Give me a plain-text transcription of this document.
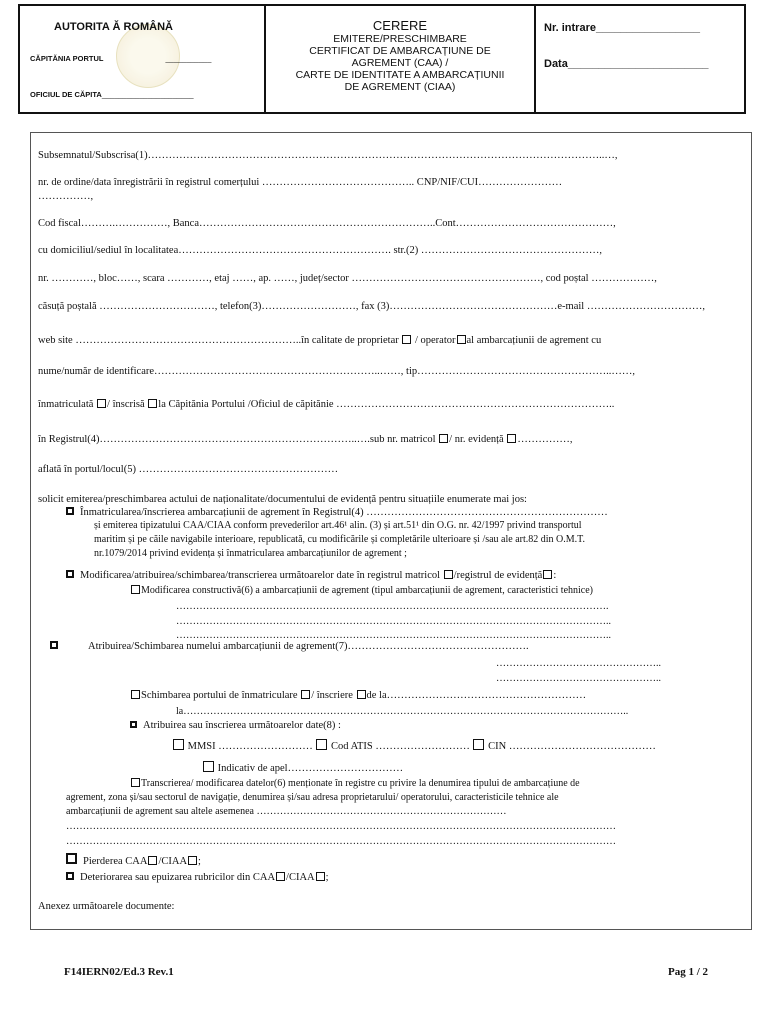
AUTORITA Ă ROMÂNĂ
CĂPITĂNIA PORTUL	___________
OFICIUL DE CĂPITA______________________
CERERE
EMITERE/PRESCHIMBARE
CERTIFICAT DE AMBARCAȚIUNE DE
AGREMENT (CAA) /
CARTE DE IDENTITATE A AMBARCAȚIUNII
DE AGREMENT (CIAA)
Nr. intrare_________________
Data_______________________
Subsemnatul/Subscrisa(1)…………………………………………………………………………………………………………………..…,
nr. de ordine/data înregistrării în registrul comerțului …………………………………….. CNP/NIF/CUI……………………
……………,
Cod fiscal……….……………, Banca…………………………………………………………..Cont………………………………………,
cu domiciliul/sediul în localitatea……………………………………………………. str.(2) ……………………………………………,
nr. …………, bloc……, scara …………, etaj ……, ap. ……, județ/sector ………………………………………………, cod poștal ………………,
căsuță poștală ……………………………, telefon(3)………………………, fax (3)…………………………………………e-mail ……………………………,
web site ………………………………………………………..în calitate de proprietar  / operator al ambarcațiunii de agrement cu
nume/număr de identificare………………………………………………………..……, tip………………………………………………..……,
înmatriculată / înscrisă la Căpitănia Portului /Oficiul de căpitănie ……………………………………………………………………..
în Registrul(4)………………………………………………………………..….sub nr. matricol / nr. evidență ……………,
aflată în portul/locul(5) …………………………………………………
solicit emiterea/preschimbarea actului de naționalitate/documentului de evidență pentru situațiile enumerate mai jos:
Înmatricularea/înscrierea ambarcațiunii de agrement în Registrul(4) ……………………………………………………………
și emiterea tipizatului CAA/CIAA conform prevederilor art.46¹ alin. (3) și art.51¹ din O.G. nr. 42/1997 privind transportul
maritim și pe căile navigabile interioare, republicată, cu modificările și completările ulterioare și /sau ale art.82 din O.M.T.
nr.1079/2014 privind evidența și înmatricularea ambarcațiunilor de agrement ;
Modificarea/atribuirea/schimbarea/transcrierea următoarelor date în registrul matricol /registrul de evidență :
Modificarea constructivă(6) a ambarcațiunii de agrement (tipul ambarcațiunii de agrement, caracteristici tehnice)
………………………………………………………………………………………………………………….
…………………………………………………………………………………………………………………..
…………………………………………………………………………………………………………………..
Atribuirea/Schimbarea numelui ambarcațiunii de agrement(7)…………………………………………….
…………………………………………..
…………………………………………..
Schimbarea portului de înmatriculare / înscriere de la…………………………………………………
la……………………………………………………………………………………………………………………..
Atribuirea sau înscrierea următoarelor date(8) :
MMSI ……………………… Cod ATIS ……………………… CIN ……………………………………
Indicativ de apel……………………………
Transcrierea/ modificarea datelor(6) menționate în registre cu privire la denumirea tipului de ambarcațiune de
agrement, zona și/sau sectorul de navigație, denumirea și/sau adresa proprietarului/ operatorului, caracteristicile tehnice ale
ambarcațiunii de agrement sau altele asemenea …………………………………………………………………
…………………………………………………………………………………………………………………………………………………
…………………………………………………………………………………………………………………………………………………
Pierderea CAA /CIAA ;
Deteriorarea sau epuizarea rubricilor din CAA /CIAA ;
Anexez următoarele documente:
F14IERN02/Ed.3 Rev.1	Pag 1 / 2
